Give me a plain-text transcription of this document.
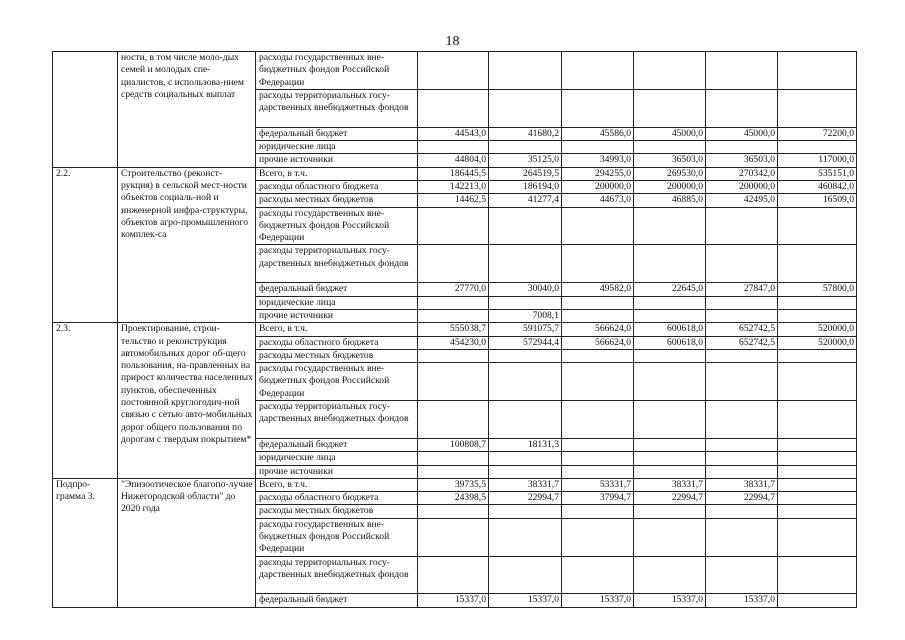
18
	ности, в том числе моло-дых семей и молодых спе-циалистов, с использова-нием средств социальных выплат	расходы государственных вне-бюджетных фондов Российской Федерации						
		расходы территориальных госу-дарственных внебюджетных фондов						
		федеральный бюджет	44543,0	41680,2	45586,0	45000,0	45000,0	72200,0
		юридические лица						
		прочие источники	44804,0	35125,0	34993,0	36503,0	36503,0	117000,0
2.2.	Строительство (реконст-рукция) в сельской мест-ности объектов социаль-ной и инженерной инфра-структуры, объектов агро-промышленного комплек-са	Всего, в т.ч.	186445,5	264519,5	294255,0	269530,0	270342,0	535151,0
		расходы областного бюджета	142213,0	186194,0	200000,0	200000,0	200000,0	460842,0
		расходы местных бюджетов	14462,5	41277,4	44673,0	46885,0	42495,0	16509,0
		расходы государственных вне-бюджетных фондов Российской Федерации						
		расходы территориальных госу-дарственных внебюджетных фондов						
		федеральный бюджет	27770,0	30040,0	49582,0	22645,0	27847,0	57800,0
		юридические лица						
		прочие источники		7008,1				
2.3.	Проектирование, строи-тельство и реконструкция автомобильных дорог об-щего пользования, на-правленных на прирост количества населенных пунктов, обеспеченных постоянной круглогодич-ной связью с сетью авто-мобильных дорог общего пользования по дорогам с твердым покрытием*	Всего, в т.ч.	555038,7	591075,7	566624,0	600618,0	652742,5	520000,0
		расходы областного бюджета	454230,0	572944,4	566624,0	600618,0	652742,5	520000,0
		расходы местных бюджетов						
		расходы государственных вне-бюджетных фондов Российской Федерации						
		расходы территориальных госу-дарственных внебюджетных фондов						
		федеральный бюджет	100808,7	18131,3				
		юридические лица						
		прочие источники						
Подпро-грамма 3.	"Эпизоотическое благопо-лучие Нижегородской области" до 2020 года	Всего, в т.ч.	39735,5	38331,7	53331,7	38331,7	38331,7	
		расходы областного бюджета	24398,5	22994,7	37994,7	22994,7	22994,7	
		расходы местных бюджетов						
		расходы государственных вне-бюджетных фондов Российской Федерации						
		расходы территориальных госу-дарственных внебюджетных фондов						
		федеральный бюджет	15337,0	15337,0	15337,0	15337,0	15337,0	
